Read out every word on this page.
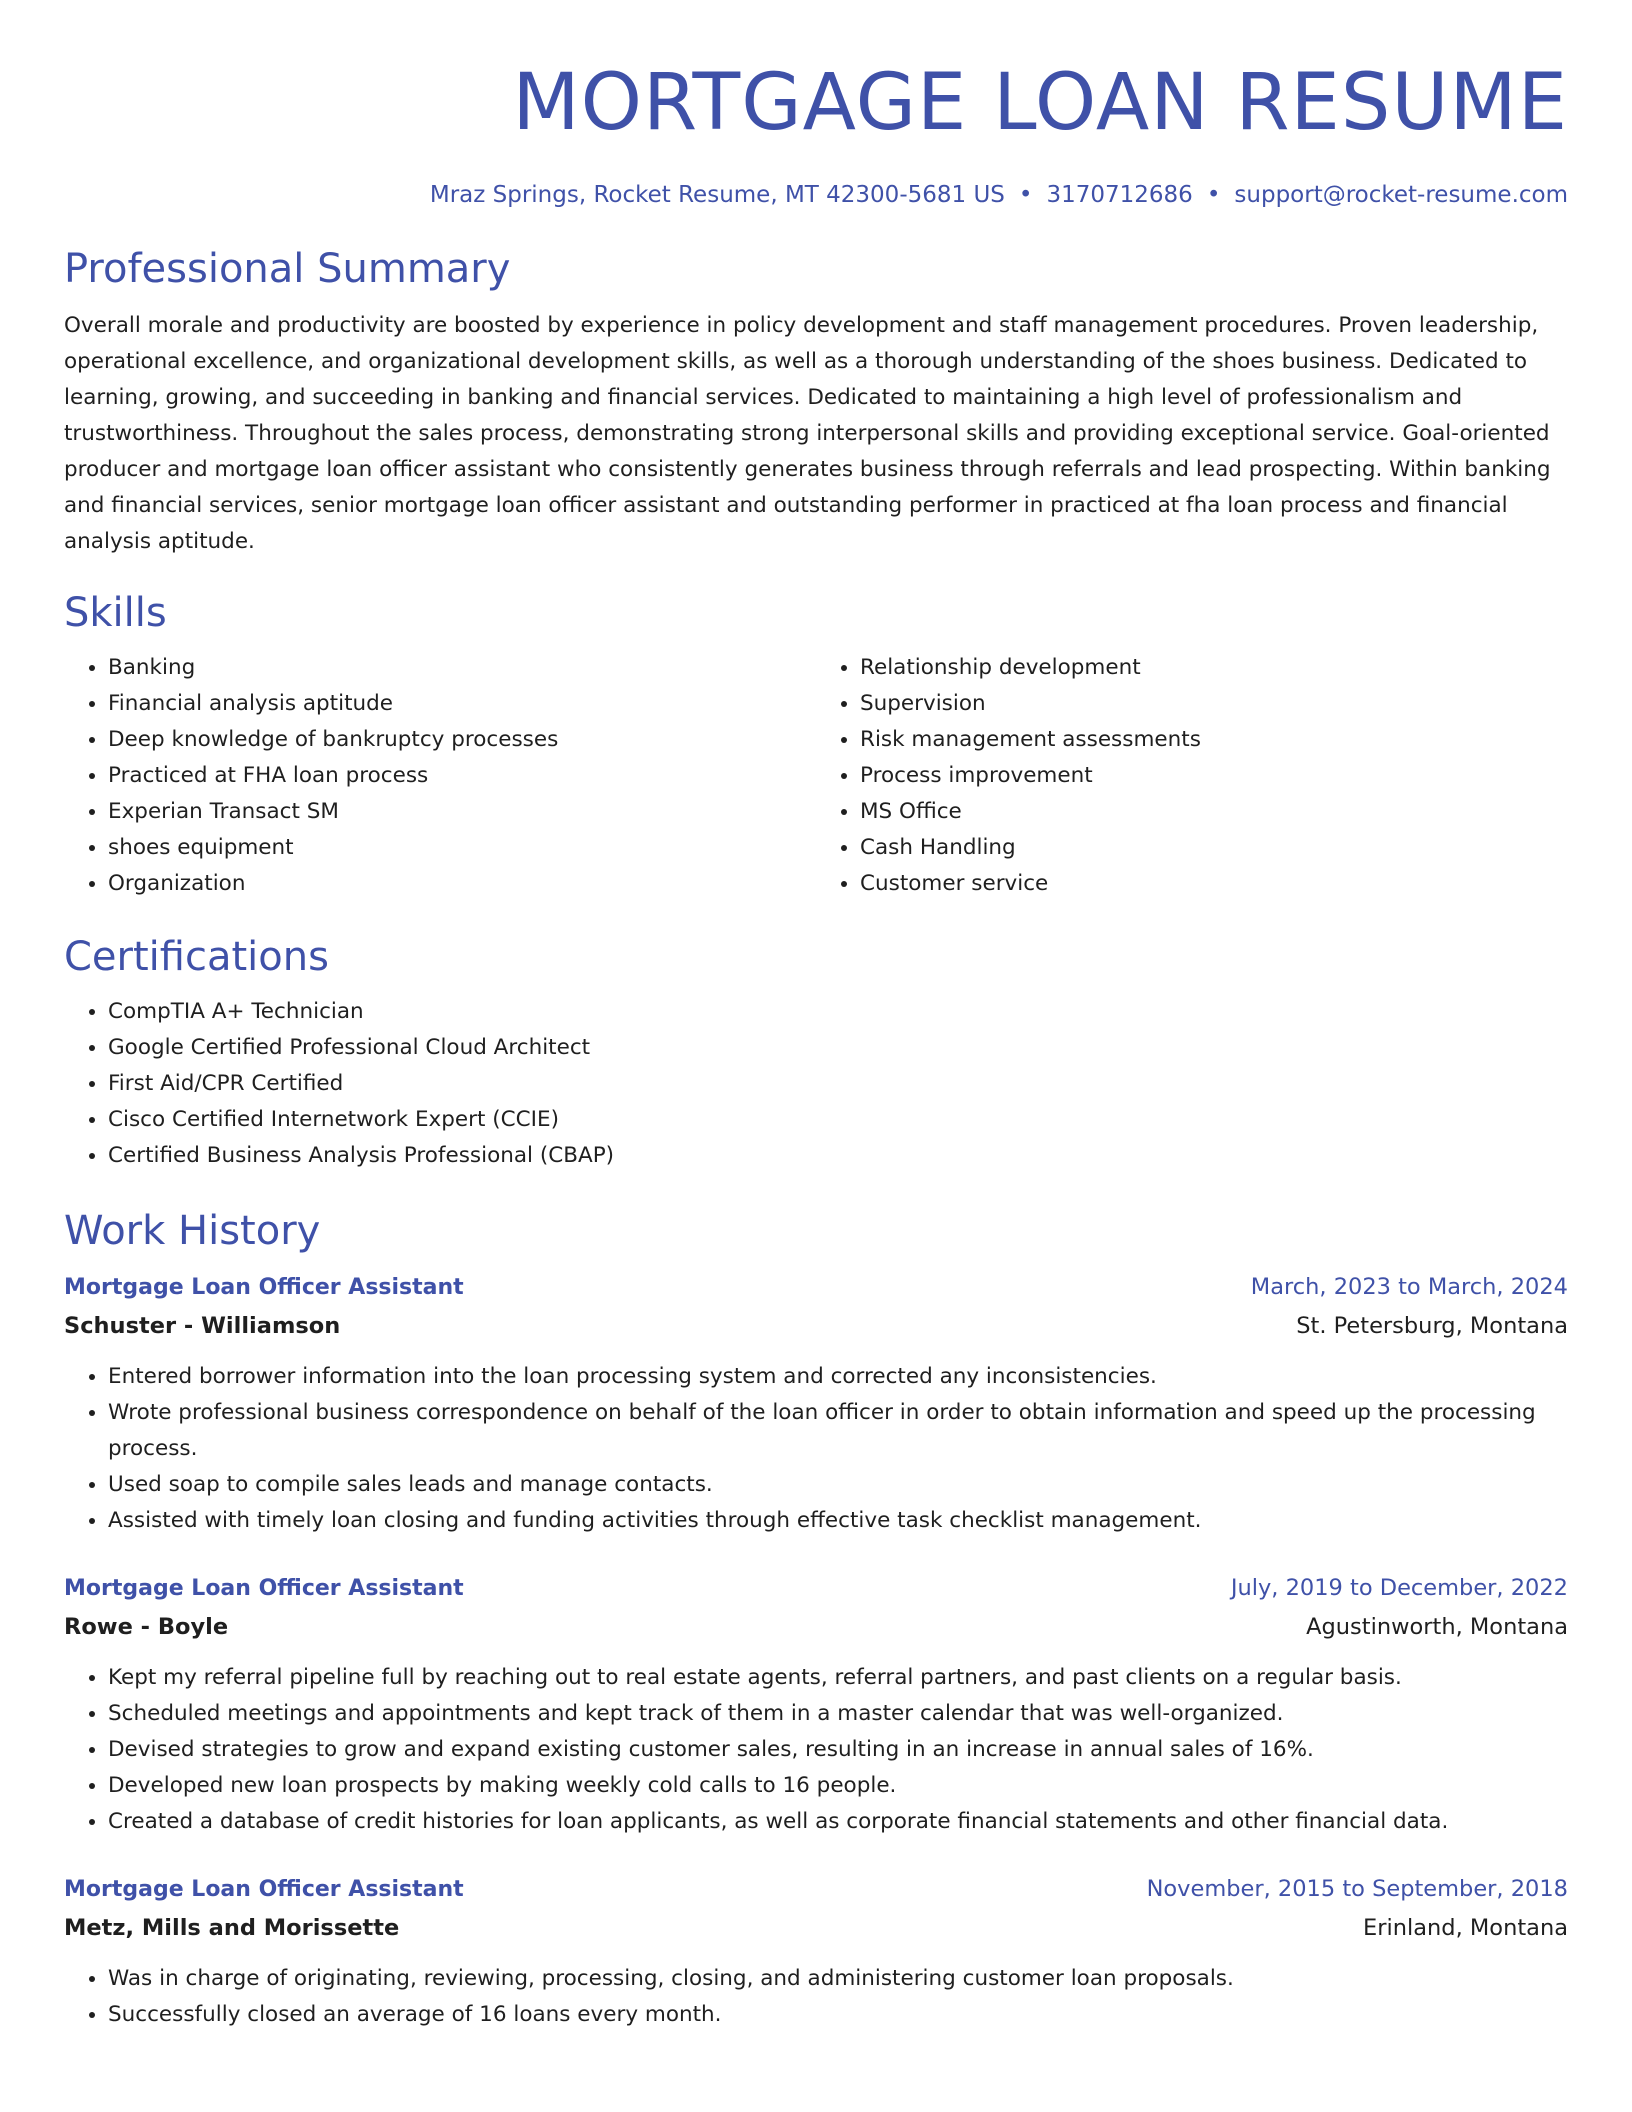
MORTGAGE LOAN RESUME
Mraz Springs, Rocket Resume, MT 42300-5681 US • 3170712686 • support@rocket-resume.com
Professional Summary

Overall morale and productivity are boosted by experience in policy development and staff management procedures. Proven leadership, operational excellence, and organizational development skills, as well as a thorough understanding of the shoes business. Dedicated to learning, growing, and succeeding in banking and financial services. Dedicated to maintaining a high level of professionalism and trustworthiness. Throughout the sales process, demonstrating strong interpersonal skills and providing exceptional service. Goal-oriented producer and mortgage loan officer assistant who consistently generates business through referrals and lead prospecting. Within banking and financial services, senior mortgage loan officer assistant and outstanding performer in practiced at fha loan process and financial analysis aptitude.

Skills
• Banking
• Financial analysis aptitude
• Deep knowledge of bankruptcy processes
• Practiced at FHA loan process
• Experian Transact SM
• shoes equipment
• Organization
• Relationship development
• Supervision
• Risk management assessments
• Process improvement
• MS Office
• Cash Handling
• Customer service
Certifications
• CompTIA A+ Technician
• Google Certified Professional Cloud Architect
• First Aid/CPR Certified
• Cisco Certified Internetwork Expert (CCIE)
• Certified Business Analysis Professional (CBAP)
Work History
Mortgage Loan Officer Assistant	March, 2023 to March, 2024
Schuster - Williamson	St. Petersburg, Montana
• Entered borrower information into the loan processing system and corrected any inconsistencies.
• Wrote professional business correspondence on behalf of the loan officer in order to obtain information and speed up the processing process.
• Used soap to compile sales leads and manage contacts.
• Assisted with timely loan closing and funding activities through effective task checklist management.
Mortgage Loan Officer Assistant	July, 2019 to December, 2022
Rowe - Boyle	Agustinworth, Montana
• Kept my referral pipeline full by reaching out to real estate agents, referral partners, and past clients on a regular basis.
• Scheduled meetings and appointments and kept track of them in a master calendar that was well-organized.
• Devised strategies to grow and expand existing customer sales, resulting in an increase in annual sales of 16%.
• Developed new loan prospects by making weekly cold calls to 16 people.
• Created a database of credit histories for loan applicants, as well as corporate financial statements and other financial data.
Mortgage Loan Officer Assistant	November, 2015 to September, 2018
Metz, Mills and Morissette	Erinland, Montana
• Was in charge of originating, reviewing, processing, closing, and administering customer loan proposals.
• Successfully closed an average of 16 loans every month.
